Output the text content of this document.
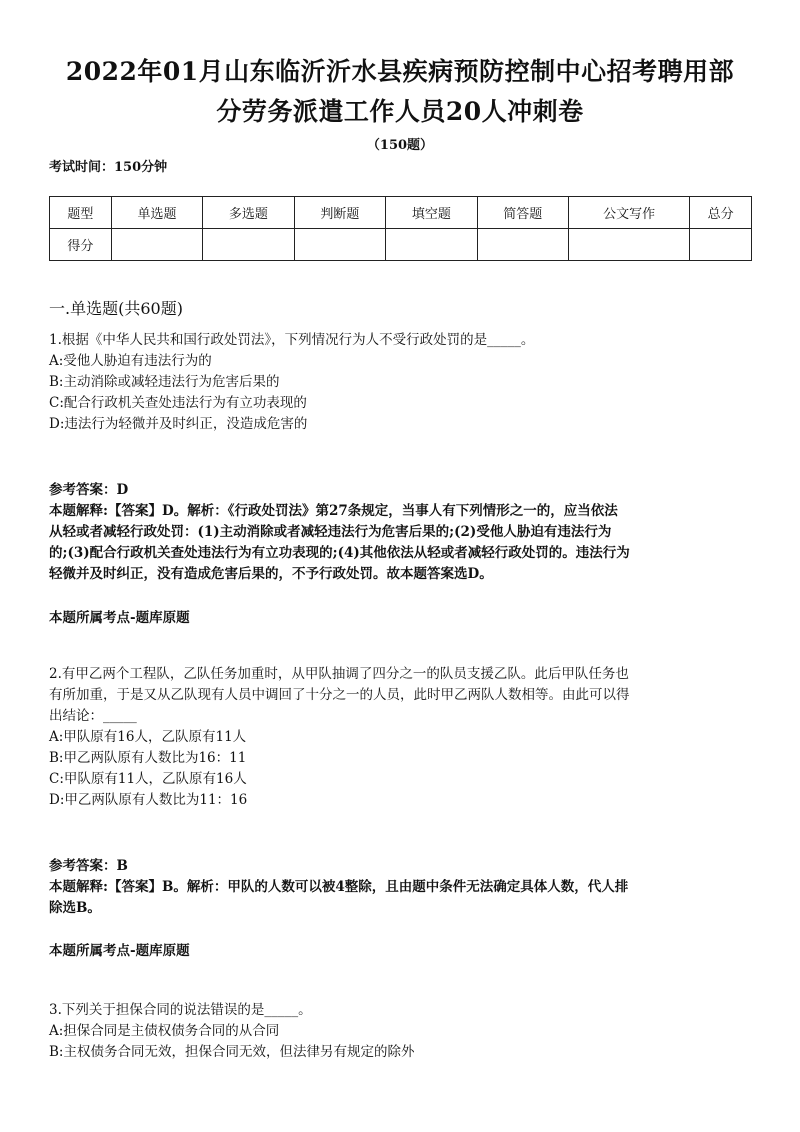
2022年01月山东临沂沂水县疾病预防控制中心招考聘用部
分劳务派遣工作人员20人冲刺卷
（150题）
考试时间：150分钟
题型	单选题	多选题	判断题	填空题	简答题	公文写作	总分
得分							
一.单选题(共60题)
1.根据《中华人民共和国行政处罚法》，下列情况行为人不受行政处罚的是_____。
A:受他人胁迫有违法行为的
B:主动消除或减轻违法行为危害后果的
C:配合行政机关查处违法行为有立功表现的
D:违法行为轻微并及时纠正，没造成危害的
参考答案：D
本题解释:【答案】D。解析：《行政处罚法》第27条规定，当事人有下列情形之一的，应当依法
从轻或者减轻行政处罚：(1)主动消除或者减轻违法行为危害后果的;(2)受他人胁迫有违法行为
的;(3)配合行政机关查处违法行为有立功表现的;(4)其他依法从轻或者减轻行政处罚的。违法行为
轻微并及时纠正，没有造成危害后果的，不予行政处罚。故本题答案选D。
本题所属考点-题库原题
2.有甲乙两个工程队，乙队任务加重时，从甲队抽调了四分之一的队员支援乙队。此后甲队任务也
有所加重，于是又从乙队现有人员中调回了十分之一的人员，此时甲乙两队人数相等。由此可以得
出结论：_____
A:甲队原有16人，乙队原有11人
B:甲乙两队原有人数比为16：11
C:甲队原有11人，乙队原有16人
D:甲乙两队原有人数比为11：16
参考答案：B
本题解释:【答案】B。解析：甲队的人数可以被4整除，且由题中条件无法确定具体人数，代人排
除选B。
本题所属考点-题库原题
3.下列关于担保合同的说法错误的是_____。
A:担保合同是主债权债务合同的从合同
B:主权债务合同无效，担保合同无效，但法律另有规定的除外
